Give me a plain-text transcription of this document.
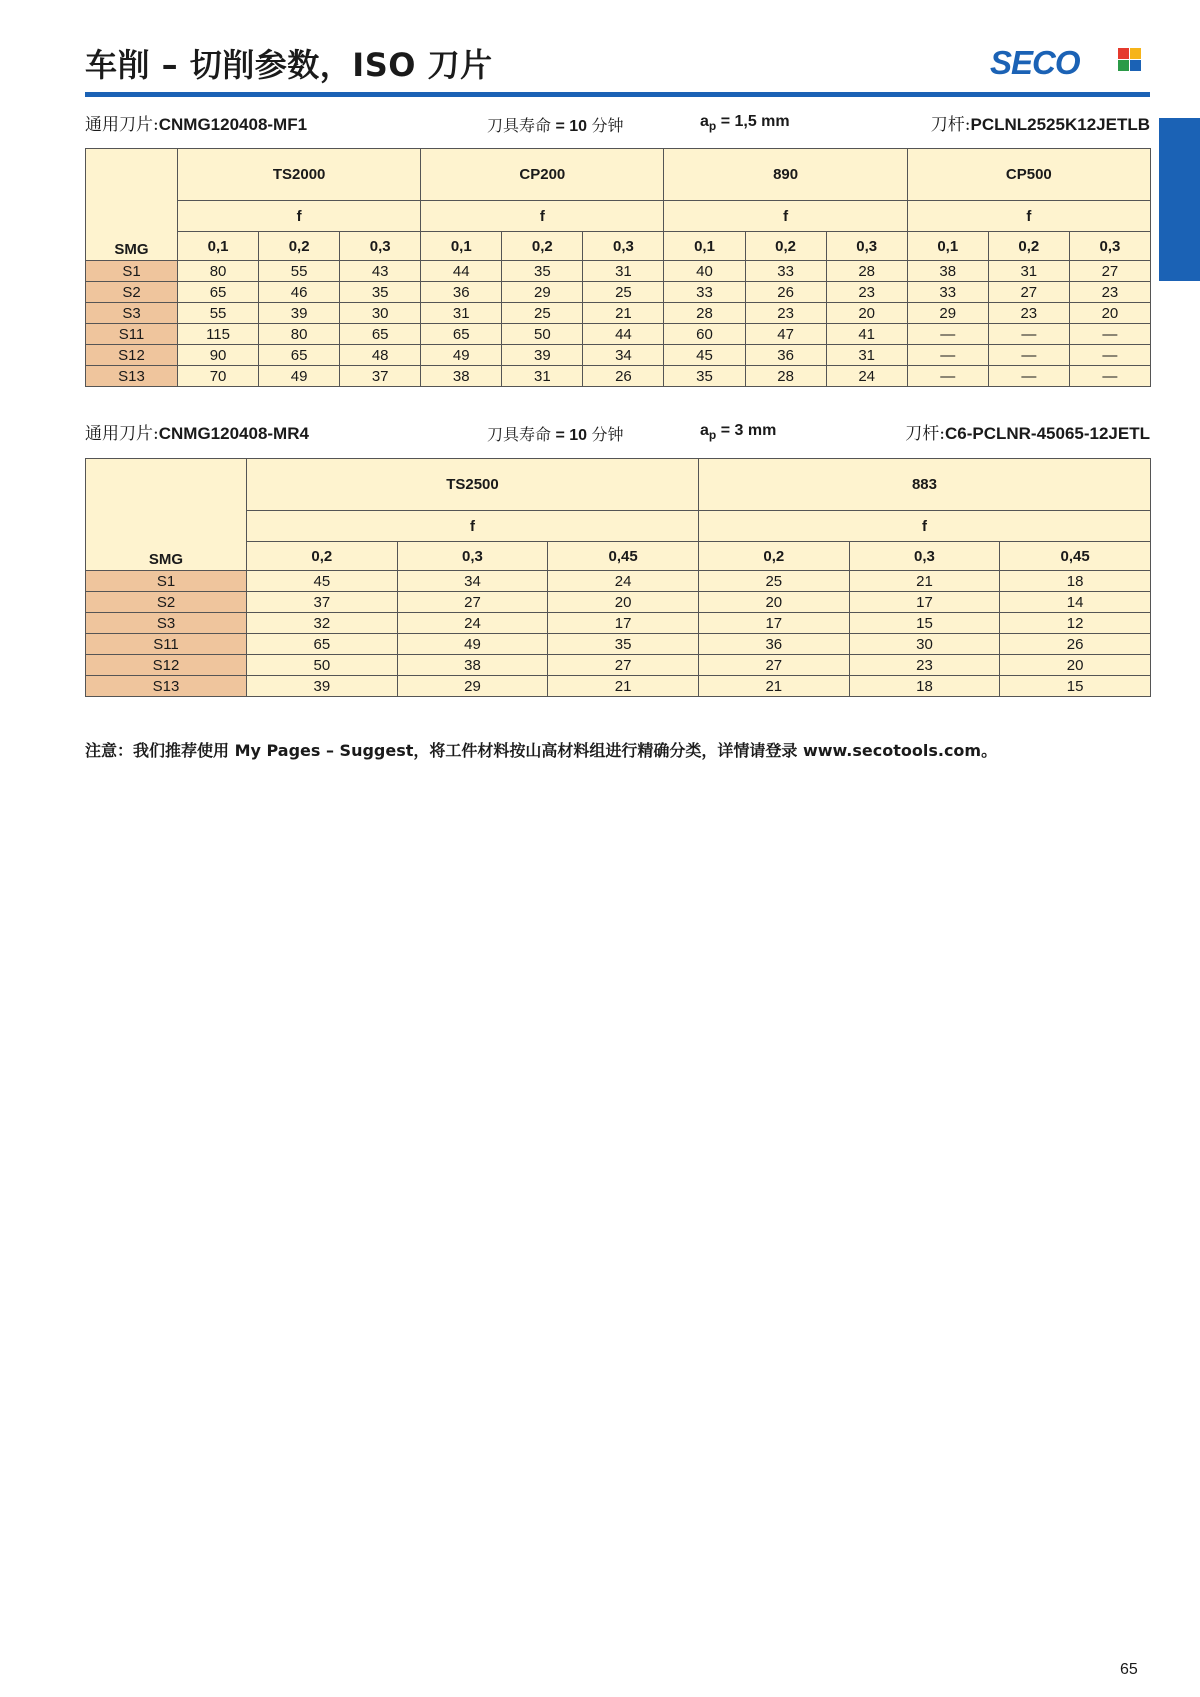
车削 – 切削参数，ISO 刀片	SECO
通用刀片:CNMG120408-MF1	刀具寿命 = 10 分钟	$a_p = 1,5$ mm	刀杆:PCLNL2525K12JETLB
SMG	TS2000			CP200			890			CP500		
	f			f			f			f		
	0,1	0,2	0,3	0,1	0,2	0,3	0,1	0,2	0,3	0,1	0,2	0,3
S1	80	55	43	44	35	31	40	33	28	38	31	27
S2	65	46	35	36	29	25	33	26	23	33	27	23
S3	55	39	30	31	25	21	28	23	20	29	23	20
S11	115	80	65	65	50	44	60	47	41	—	—	—
S12	90	65	48	49	39	34	45	36	31	—	—	—
S13	70	49	37	38	31	26	35	28	24	—	—	—
通用刀片:CNMG120408-MR4	刀具寿命 = 10 分钟	$a_p = 3$ mm	刀杆:C6-PCLNR-45065-12JETL
SMG	TS2500			883		
	f			f		
	0,2	0,3	0,45	0,2	0,3	0,45
S1	45	34	24	25	21	18
S2	37	27	20	20	17	14
S3	32	24	17	17	15	12
S11	65	49	35	36	30	26
S12	50	38	27	27	23	20
S13	39	29	21	21	18	15
注意：我们推荐使用 My Pages – Suggest，将工件材料按山高材料组进行精确分类，详情请登录 www.secotools.com。
65
